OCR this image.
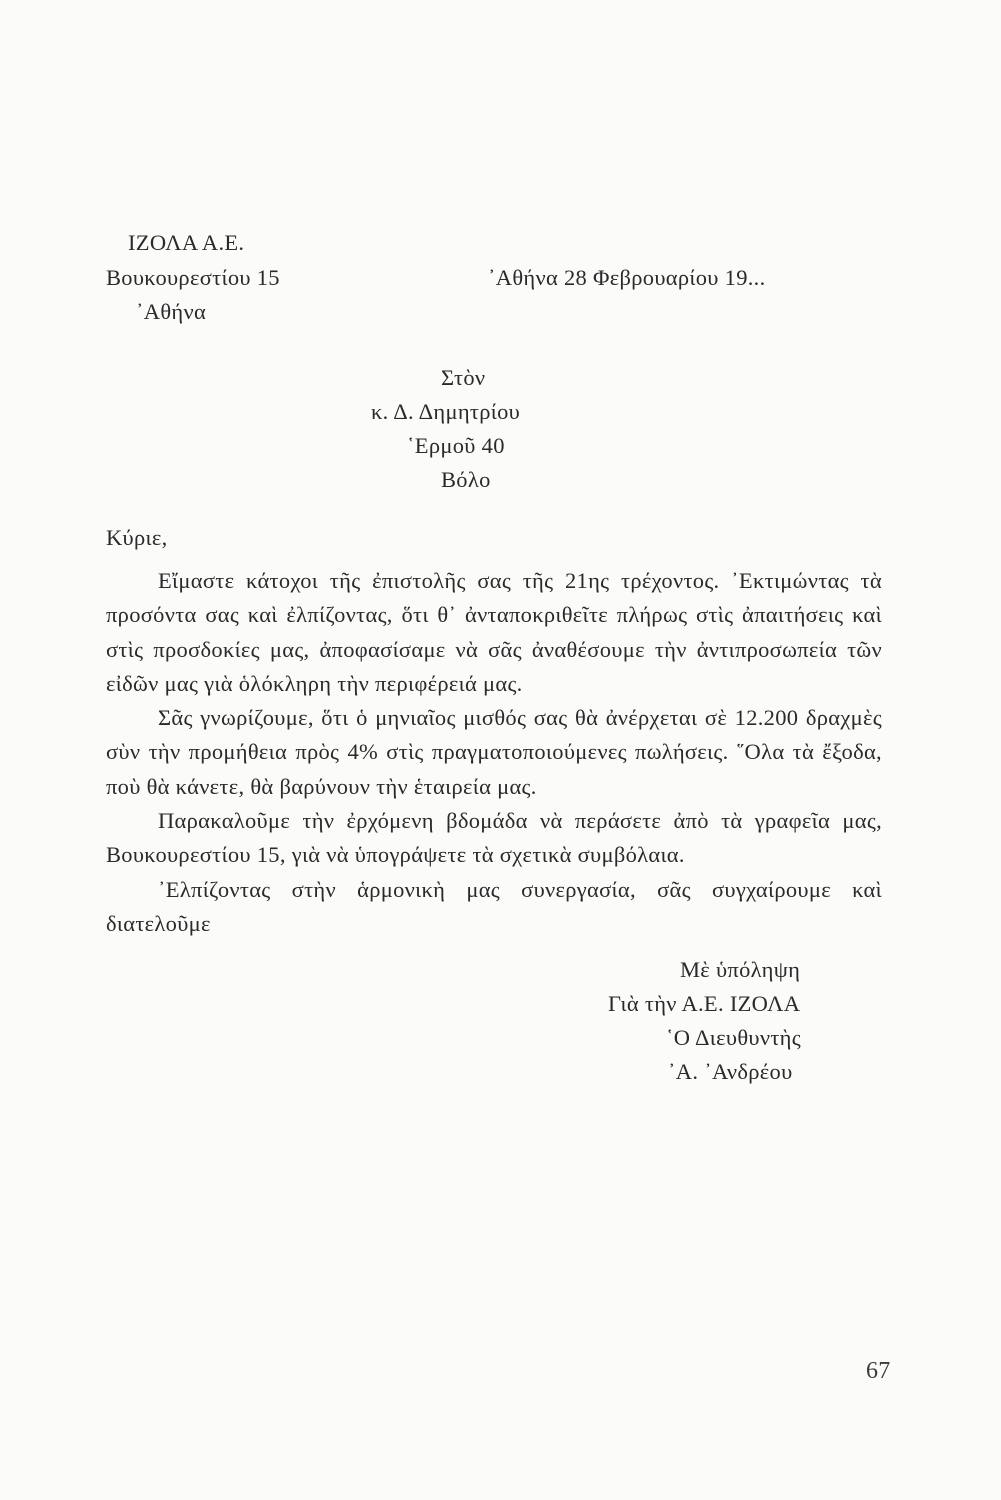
ΙΖΟΛΑ Α.Ε.
Βουκουρεστίου 15
᾿Αθήνα
᾿Αθήνα 28 Φεβρουαρίου 19...
Στὸν
κ. Δ. Δημητρίου
῾Ερμοῦ 40
Βόλο
Κύριε,

Εἴμαστε κάτοχοι τῆς ἐπιστολῆς σας τῆς 21ης τρέχοντος. ᾿Εκτιμώντας τὰ προσόντα σας καὶ ἐλπίζοντας, ὅτι θ᾿ ἀνταποκριθεῖτε πλήρως στὶς ἀπαιτήσεις καὶ στὶς προσδοκίες μας, ἀποφασίσαμε νὰ σᾶς ἀναθέσουμε τὴν ἀντιπροσωπεία τῶν εἰδῶν μας γιὰ ὁλόκληρη τὴν περιφέρειά μας.

Σᾶς γνωρίζουμε, ὅτι ὁ μηνιαῖος μισθός σας θὰ ἀνέρχεται σὲ 12.200 δραχμὲς σὺν τὴν προμήθεια πρὸς 4% στὶς πραγματοποιούμενες πωλήσεις. ῞Ολα τὰ ἔξοδα, ποὺ θὰ κάνετε, θὰ βαρύνουν τὴν ἑταιρεία μας.

Παρακαλοῦμε τὴν ἐρχόμενη βδομάδα νὰ περάσετε ἀπὸ τὰ γραφεῖα μας, Βουκουρεστίου 15, γιὰ νὰ ὑπογράψετε τὰ σχετικὰ συμβόλαια.

᾿Ελπίζοντας στὴν ἁρμονικὴ μας συνεργασία, σᾶς συγχαίρουμε καὶ διατελοῦμε

Μὲ ὑπόληψη
Γιὰ τὴν Α.Ε. ΙΖΟΛΑ
῾Ο Διευθυντὴς
᾿Α. ᾿Ανδρέου
67
